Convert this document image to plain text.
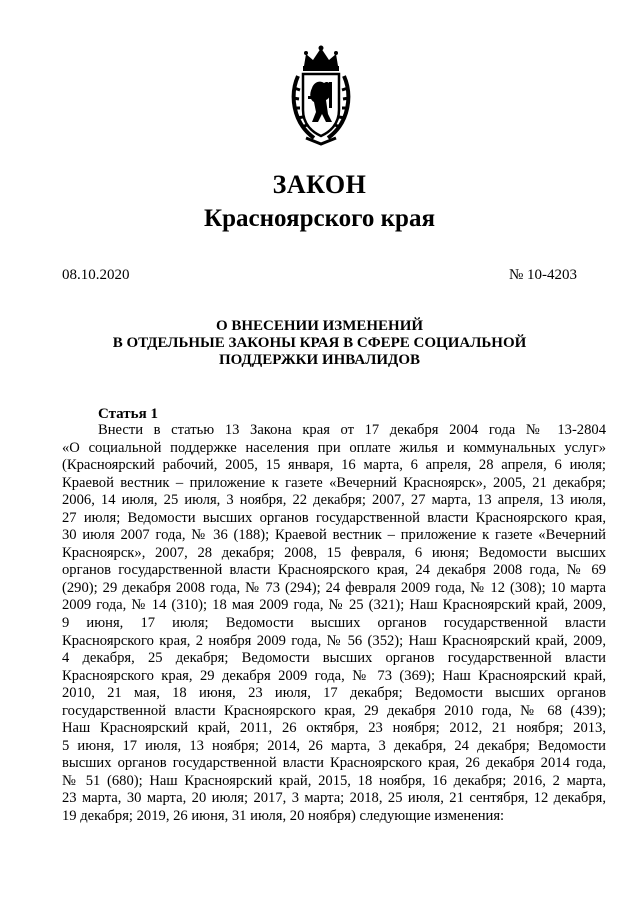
ЗАКОН
Красноярского края
08.10.2020	№ 10-4203
О ВНЕСЕНИИ ИЗМЕНЕНИЙ
В ОТДЕЛЬНЫЕ ЗАКОНЫ КРАЯ В СФЕРЕ СОЦИАЛЬНОЙ
ПОДДЕРЖКИ ИНВАЛИДОВ
Статья 1
Внести в статью 13 Закона края от 17 декабря 2004 года № 13-2804
«О социальной поддержке населения при оплате жилья и коммунальных услуг»
(Красноярский рабочий, 2005, 15 января, 16 марта, 6 апреля, 28 апреля, 6 июля;
Краевой вестник – приложение к газете «Вечерний Красноярск», 2005, 21 декабря;
2006, 14 июля, 25 июля, 3 ноября, 22 декабря; 2007, 27 марта, 13 апреля, 13 июля,
27 июля; Ведомости высших органов государственной власти Красноярского края,
30 июля 2007 года, № 36 (188); Краевой вестник – приложение к газете «Вечерний
Красноярск», 2007, 28 декабря; 2008, 15 февраля, 6 июня; Ведомости высших
органов государственной власти Красноярского края, 24 декабря 2008 года, № 69
(290); 29 декабря 2008 года, № 73 (294); 24 февраля 2009 года, № 12 (308); 10 марта
2009 года, № 14 (310); 18 мая 2009 года, № 25 (321); Наш Красноярский край, 2009,
9 июня, 17 июля; Ведомости высших органов государственной власти
Красноярского края, 2 ноября 2009 года, № 56 (352); Наш Красноярский край, 2009,
4 декабря, 25 декабря; Ведомости высших органов государственной власти
Красноярского края, 29 декабря 2009 года, № 73 (369); Наш Красноярский край,
2010, 21 мая, 18 июня, 23 июля, 17 декабря; Ведомости высших органов
государственной власти Красноярского края, 29 декабря 2010 года, № 68 (439);
Наш Красноярский край, 2011, 26 октября, 23 ноября; 2012, 21 ноября; 2013,
5 июня, 17 июля, 13 ноября; 2014, 26 марта, 3 декабря, 24 декабря; Ведомости
высших органов государственной власти Красноярского края, 26 декабря 2014 года,
№ 51 (680); Наш Красноярский край, 2015, 18 ноября, 16 декабря; 2016, 2 марта,
23 марта, 30 марта, 20 июля; 2017, 3 марта; 2018, 25 июля, 21 сентября, 12 декабря,
19 декабря; 2019, 26 июня, 31 июля, 20 ноября) следующие изменения:
